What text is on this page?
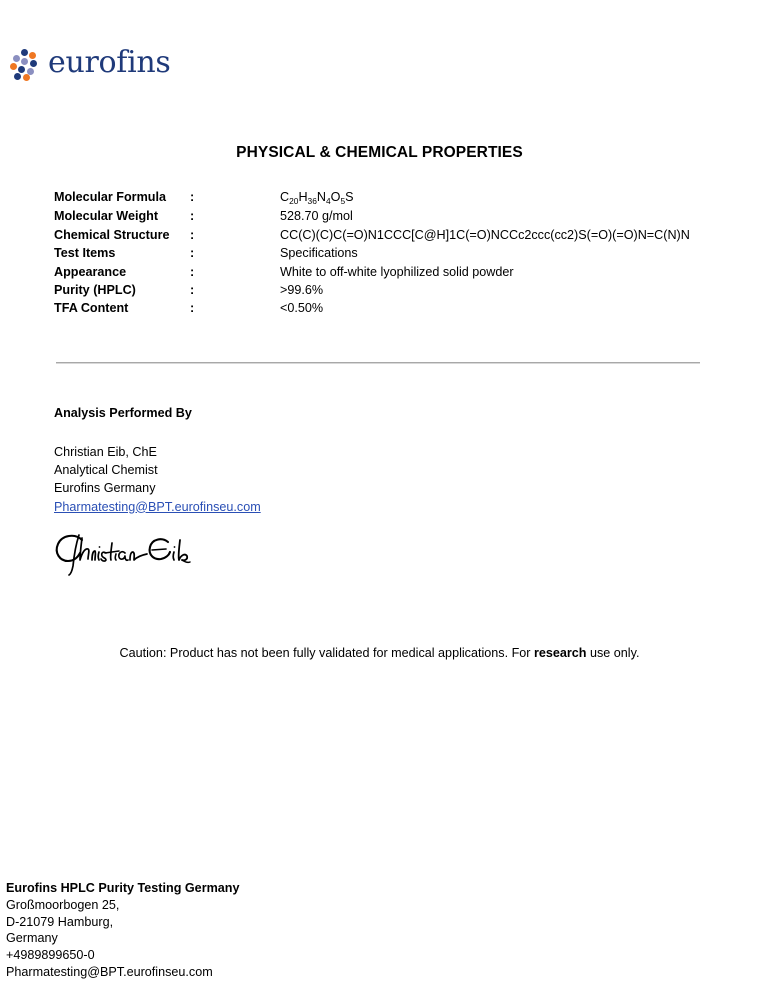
eurofins
PHYSICAL & CHEMICAL PROPERTIES
Molecular Formula	:	$C_{20}H_{36}N_4O_5S$
Molecular Weight	:	528.70 g/mol
Chemical Structure	:	CC(C)(C)C(=O)N1CCC[C@H]1C(=O)NCCc2ccc(cc2)S(=O)(=O)N=C(N)N
Test Items	:	Specifications
Appearance	:	White to off-white lyophilized solid powder
Purity (HPLC)	:	>99.6%
TFA Content	:	<0.50%
Analysis Performed By
Christian Eib, ChE
Analytical Chemist
Eurofins Germany
Pharmatesting@BPT.eurofinseu.com
Caution: Product has not been fully validated for medical applications. For research use only.
Eurofins HPLC Purity Testing Germany
Großmoorbogen 25,
D-21079 Hamburg,
Germany
+4989899650-0
Pharmatesting@BPT.eurofinseu.com
